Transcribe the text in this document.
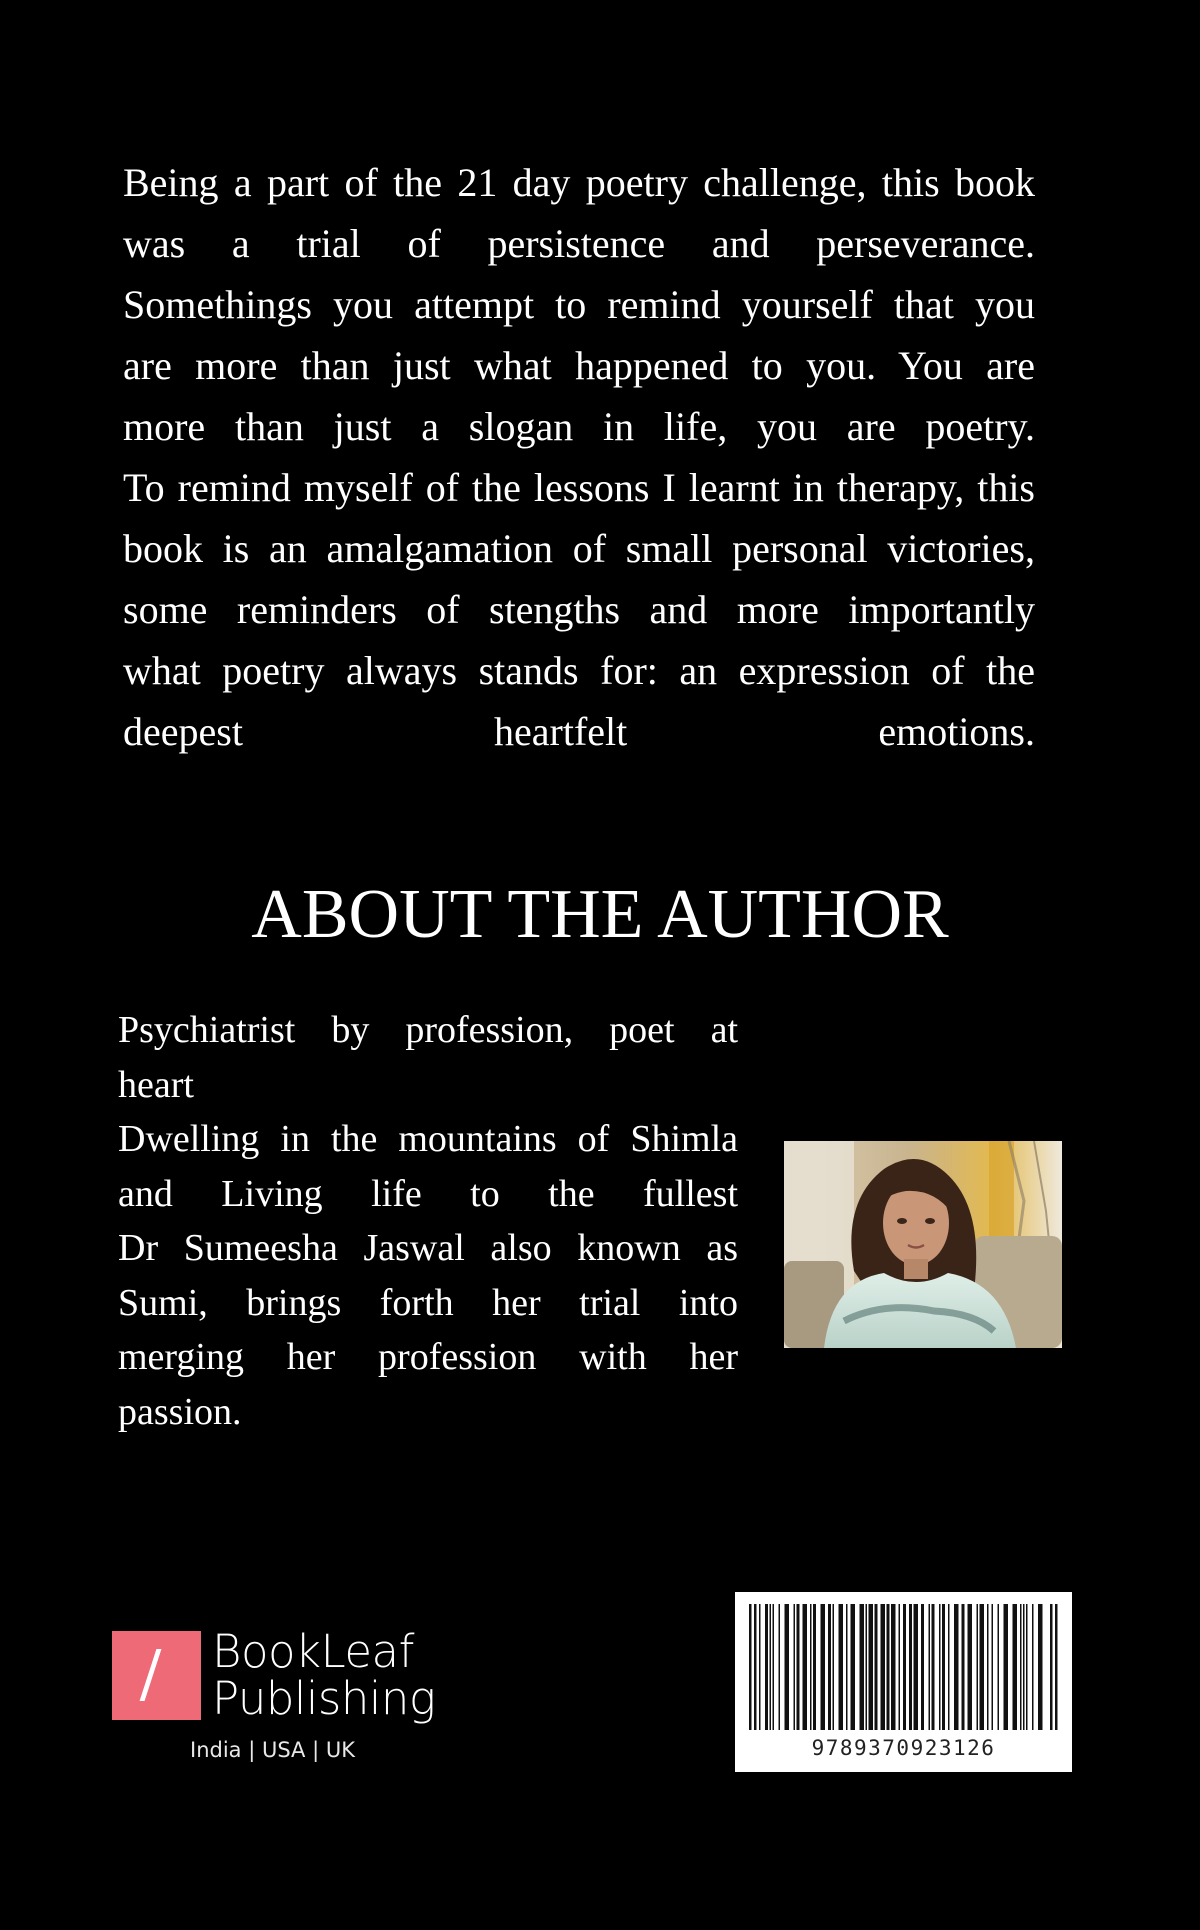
Being a part of the 21 day poetry challenge, this book
was a trial of persistence and perseverance.
Somethings you attempt to remind yourself that you
are more than just what happened to you. You are
more than just a slogan in life, you are poetry.
To remind myself of the lessons I learnt in therapy, this
book is an amalgamation of small personal victories,
some reminders of stengths and more importantly
what poetry always stands for: an expression of the
deepest heartfelt emotions.
ABOUT THE AUTHOR
Psychiatrist by profession, poet at
heart
Dwelling in the mountains of Shimla
and Living life to the fullest
Dr Sumeesha Jaswal also known as
Sumi, brings forth her trial into
merging her profession with her
passion.
BookLeaf
Publishing
India | USA | UK	9789370923126
